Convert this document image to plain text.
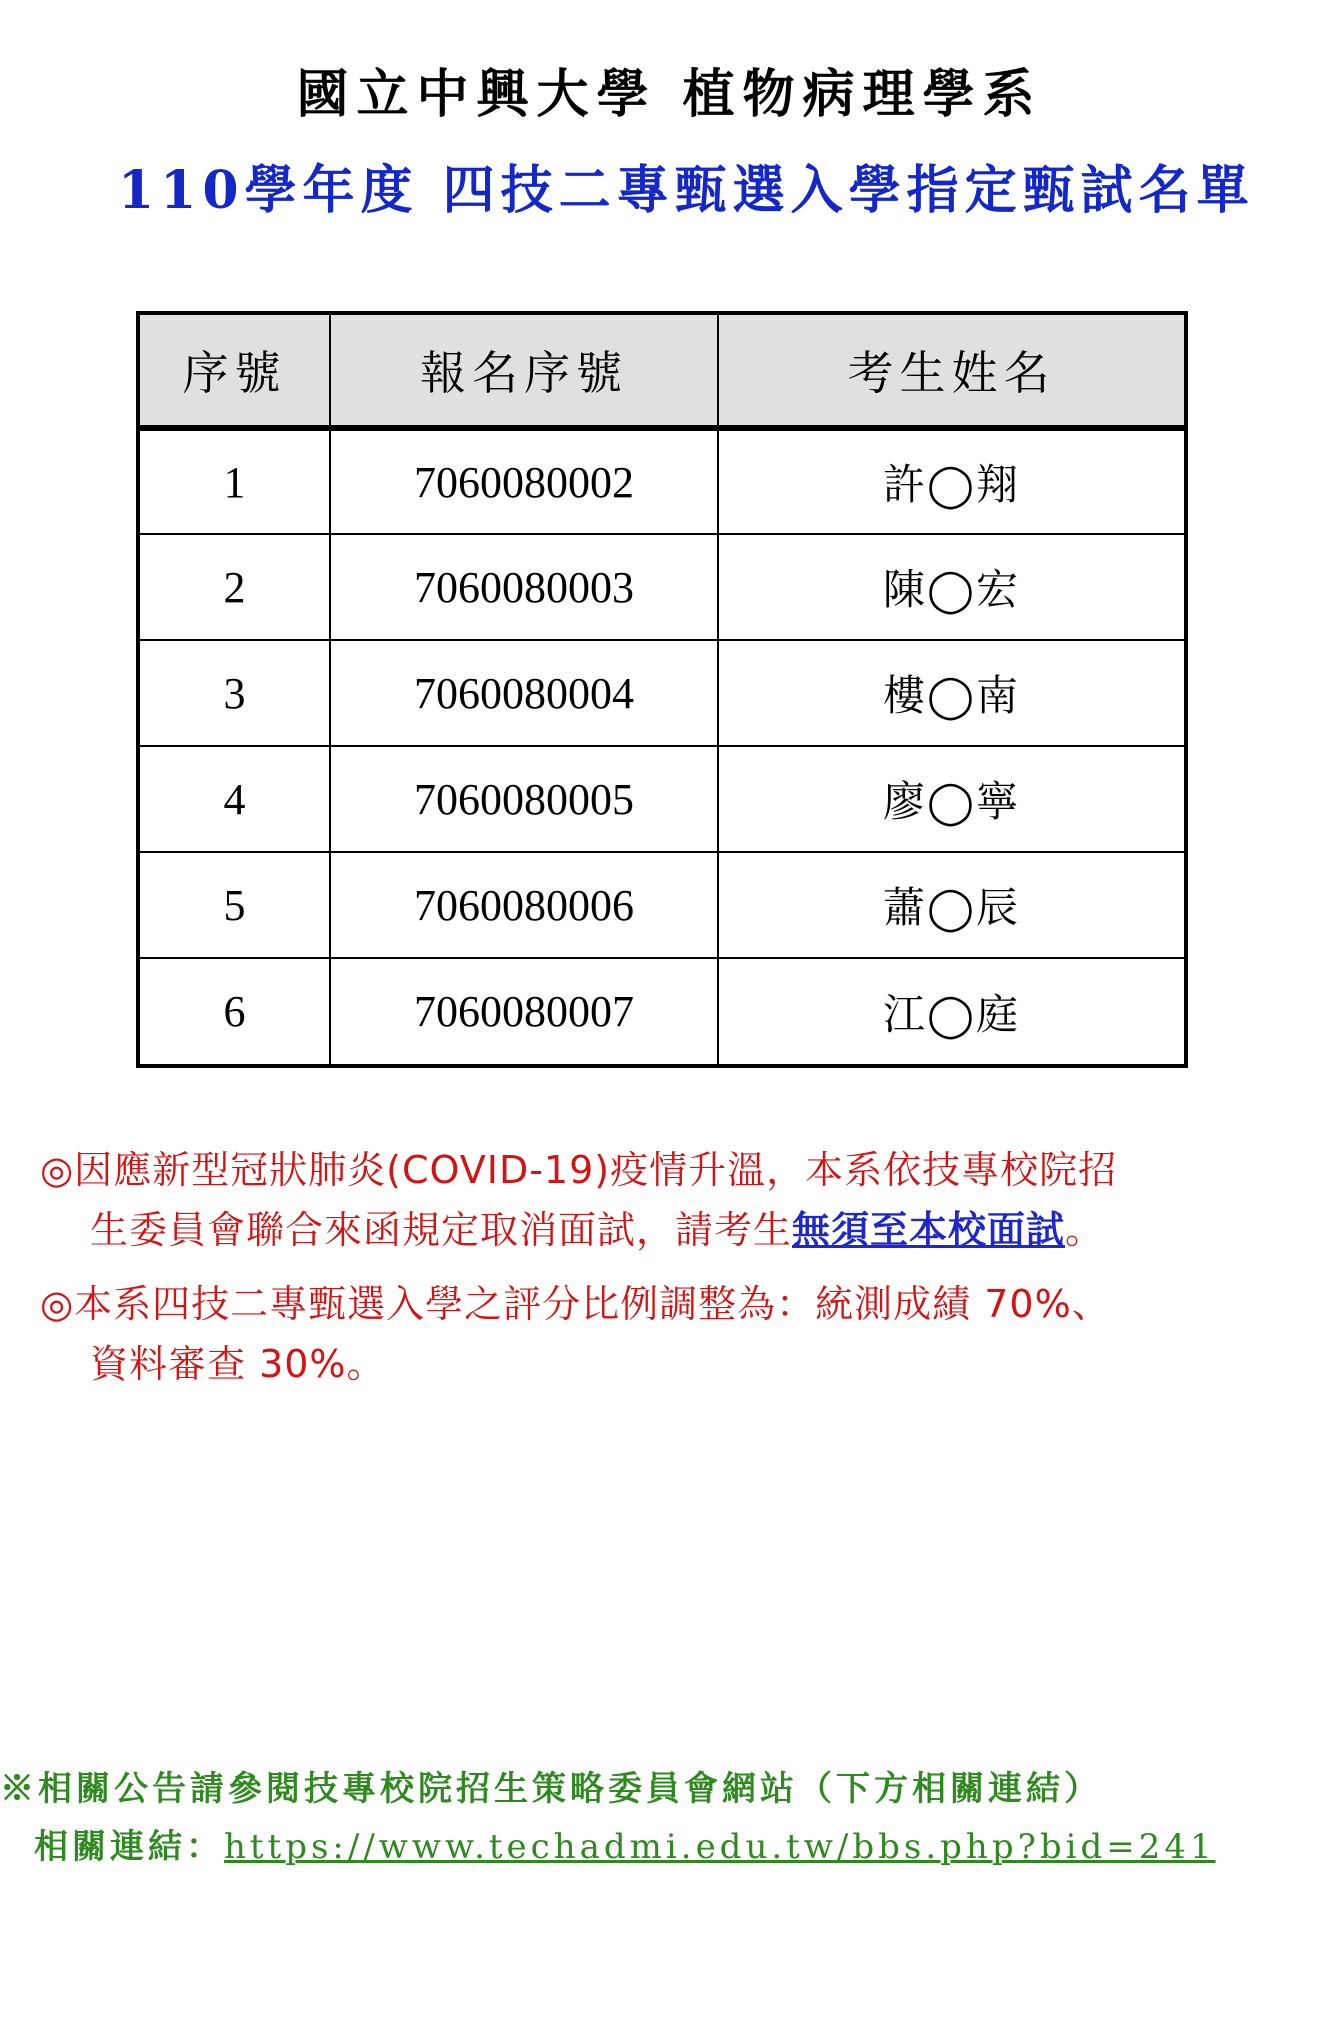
國立中興大學 植物病理學系
110學年度 四技二專甄選入學指定甄試名單
序號	報名序號	考生姓名
1	7060080002	許◯翔
2	7060080003	陳◯宏
3	7060080004	樓◯南
4	7060080005	廖◯寧
5	7060080006	蕭◯辰
6	7060080007	江◯庭
◎因應新型冠狀肺炎(COVID-19)疫情升溫，本系依技專校院招
生委員會聯合來函規定取消面試，請考生無須至本校面試。
◎本系四技二專甄選入學之評分比例調整為：統測成績 70%、
資料審查 30%。
※相關公告請參閱技專校院招生策略委員會網站（下方相關連結）
相關連結：https://www.techadmi.edu.tw/bbs.php?bid=241
